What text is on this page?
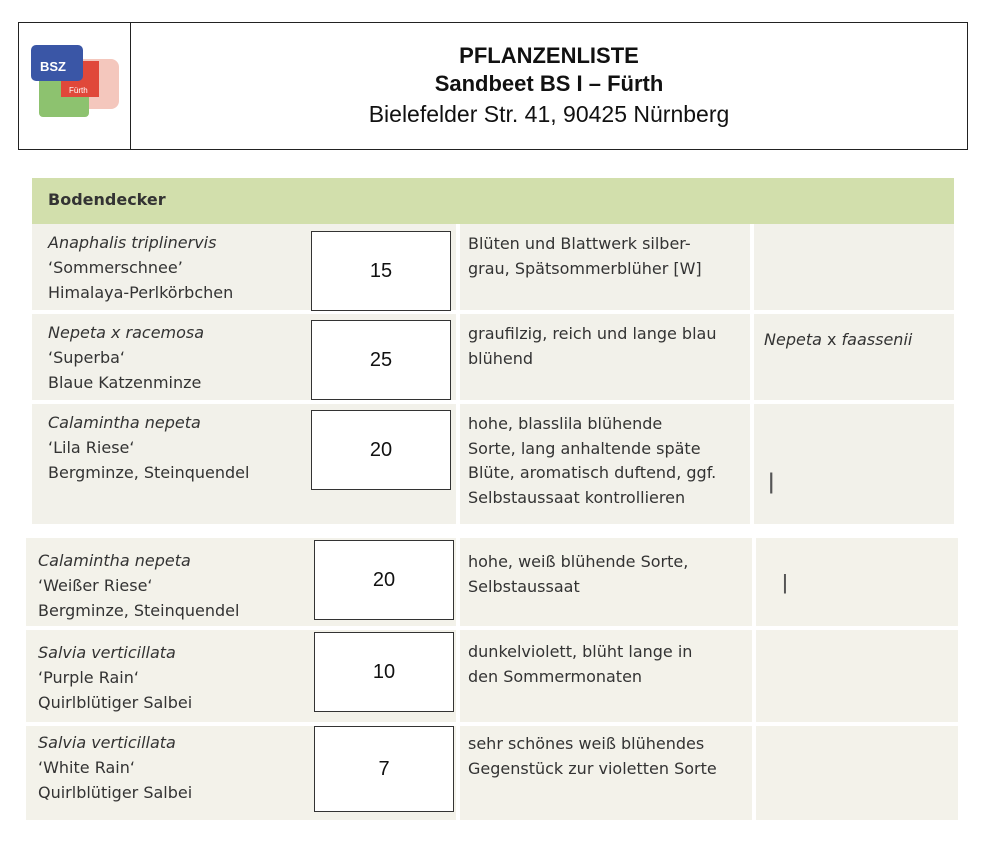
BSZ
Fürth
PFLANZENLISTE
Sandbeet BS I – Fürth
Bielefelder Str. 41, 90425 Nürnberg
Bodendecker
Anaphalis triplinervis
‘Sommerschnee’
Himalaya-Perlkörbchen
15
Blüten und Blattwerk silber-
grau, Spätsommerblüher [W]
Nepeta x racemosa
‘Superba‘
Blaue Katzenminze
25
graufilzig, reich und lange blau
blühend
Nepeta x faassenii
Calamintha nepeta
‘Lila Riese‘
Bergminze, Steinquendel
20
hohe, blasslila blühende
Sorte, lang anhaltende späte
Blüte, aromatisch duftend, ggf.
Selbstaussaat kontrollieren
ǀ
Calamintha nepeta
‘Weißer Riese‘
Bergminze, Steinquendel
20
hohe, weiß blühende Sorte,
Selbstaussaat	ǀ
Salvia verticillata
‘Purple Rain‘
Quirlblütiger Salbei
10
dunkelviolett, blüht lange in
den Sommermonaten
Salvia verticillata
‘White Rain‘
Quirlblütiger Salbei
7
sehr schönes weiß blühendes
Gegenstück zur violetten Sorte
